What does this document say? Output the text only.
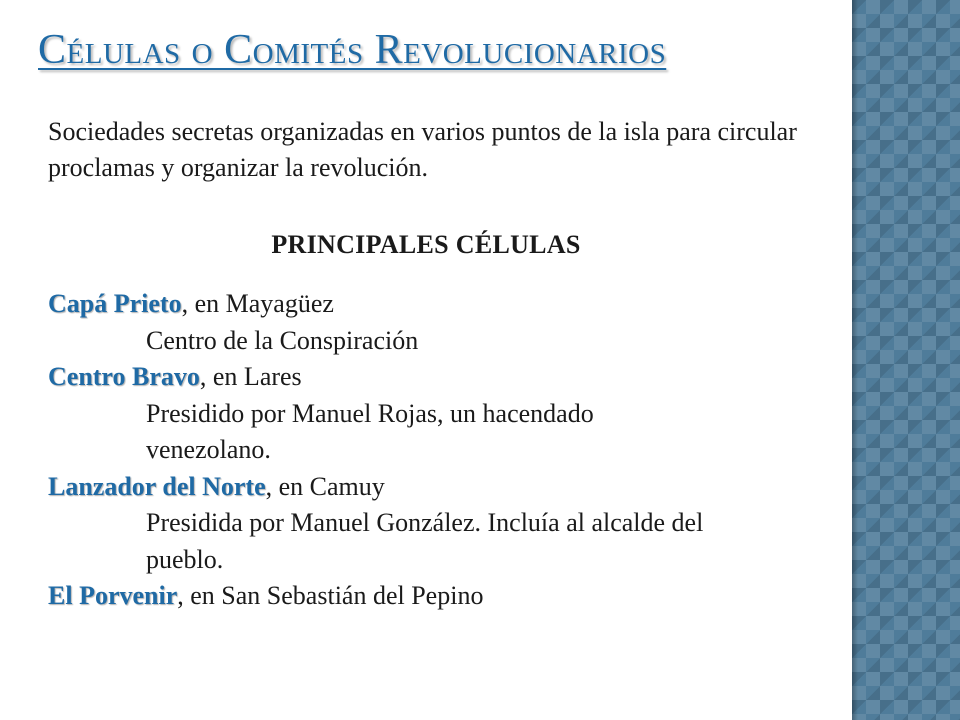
Células o Comités Revolucionarios

Sociedades secretas organizadas en varios puntos de la isla para circular proclamas y organizar la revolución.

PRINCIPALES CÉLULAS
Capá Prieto, en Mayagüez
Centro de la Conspiración
Centro Bravo, en Lares
Presidido por Manuel Rojas, un hacendado venezolano.
Lanzador del Norte, en Camuy
Presidida por Manuel González. Incluía al alcalde del pueblo.
El Porvenir, en San Sebastián del Pepino
